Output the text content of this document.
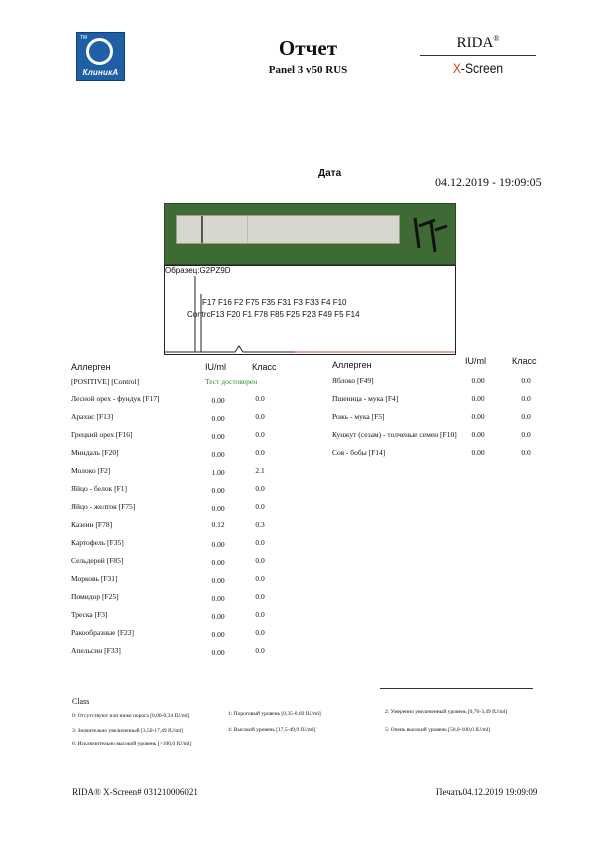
TM
КлиникА
Отчет
Panel 3 v50 RUS
RIDA®
X-Screen
Дата
04.12.2019 - 19:09:05
Образец:G2PZ9D
F17 F16 F2 F75 F35 F31 F3 F33 F4 F10
ContrcF13 F20 F1 F78 F85 F25 F23 F49 F5 F14
Аллерген	IU/ml	Класс	Аллерген	IU/ml	Класс
[POSITIVE] [Control]	Тест достоверен
Лесной орех - фундук [F17]	0.00	0.0
Арахис [F13]	0.00	0.0
Грецкий орех [F16]	0.00	0.0
Миндаль [F20]	0.00	0.0
Молоко [F2]	1.00	2.1
Яйцо - белок [F1]	0.00	0.0
Яйцо - желток [F75]	0.00	0.0
Казеин [F78]	0.12	0.3
Картофель [F35]	0.00	0.0
Сельдерей [F85]	0.00	0.0
Морковь [F31]	0.00	0.0
Помидор [F25]	0.00	0.0
Треска [F3]	0.00	0.0
Ракообразные [F23]	0.00	0.0
Апельсин [F33]	0.00	0.0
Яблоко [F49]	0.00	0.0
Пшеница - мука [F4]	0.00	0.0
Рожь - мука [F5]	0.00	0.0
Кунжут (сезам) - толченые семен [F10]	0.00	0.0
Соя - бобы [F14]	0.00	0.0
Class
0: Отсутствуют или ниже порога [0,00-0,34 IU/ml]	1: Пороговый уровень [0,35-0,69 IU/ml]	2: Умеренно увеличенный уровень [0,70-3,49 IU/ml]
3: Значительно увеличенный [3,50-17,49 IU/ml]	4: Высокий уровень [17,5-49,9 IU/ml]	5: Очень высокий уровень [50,0-100,0 IU/ml]
6: Исключительно высокий уровень [>100,0 IU/ml]
RIDA® X-Screen# 031210006021	Печать04.12.2019 19:09:09
